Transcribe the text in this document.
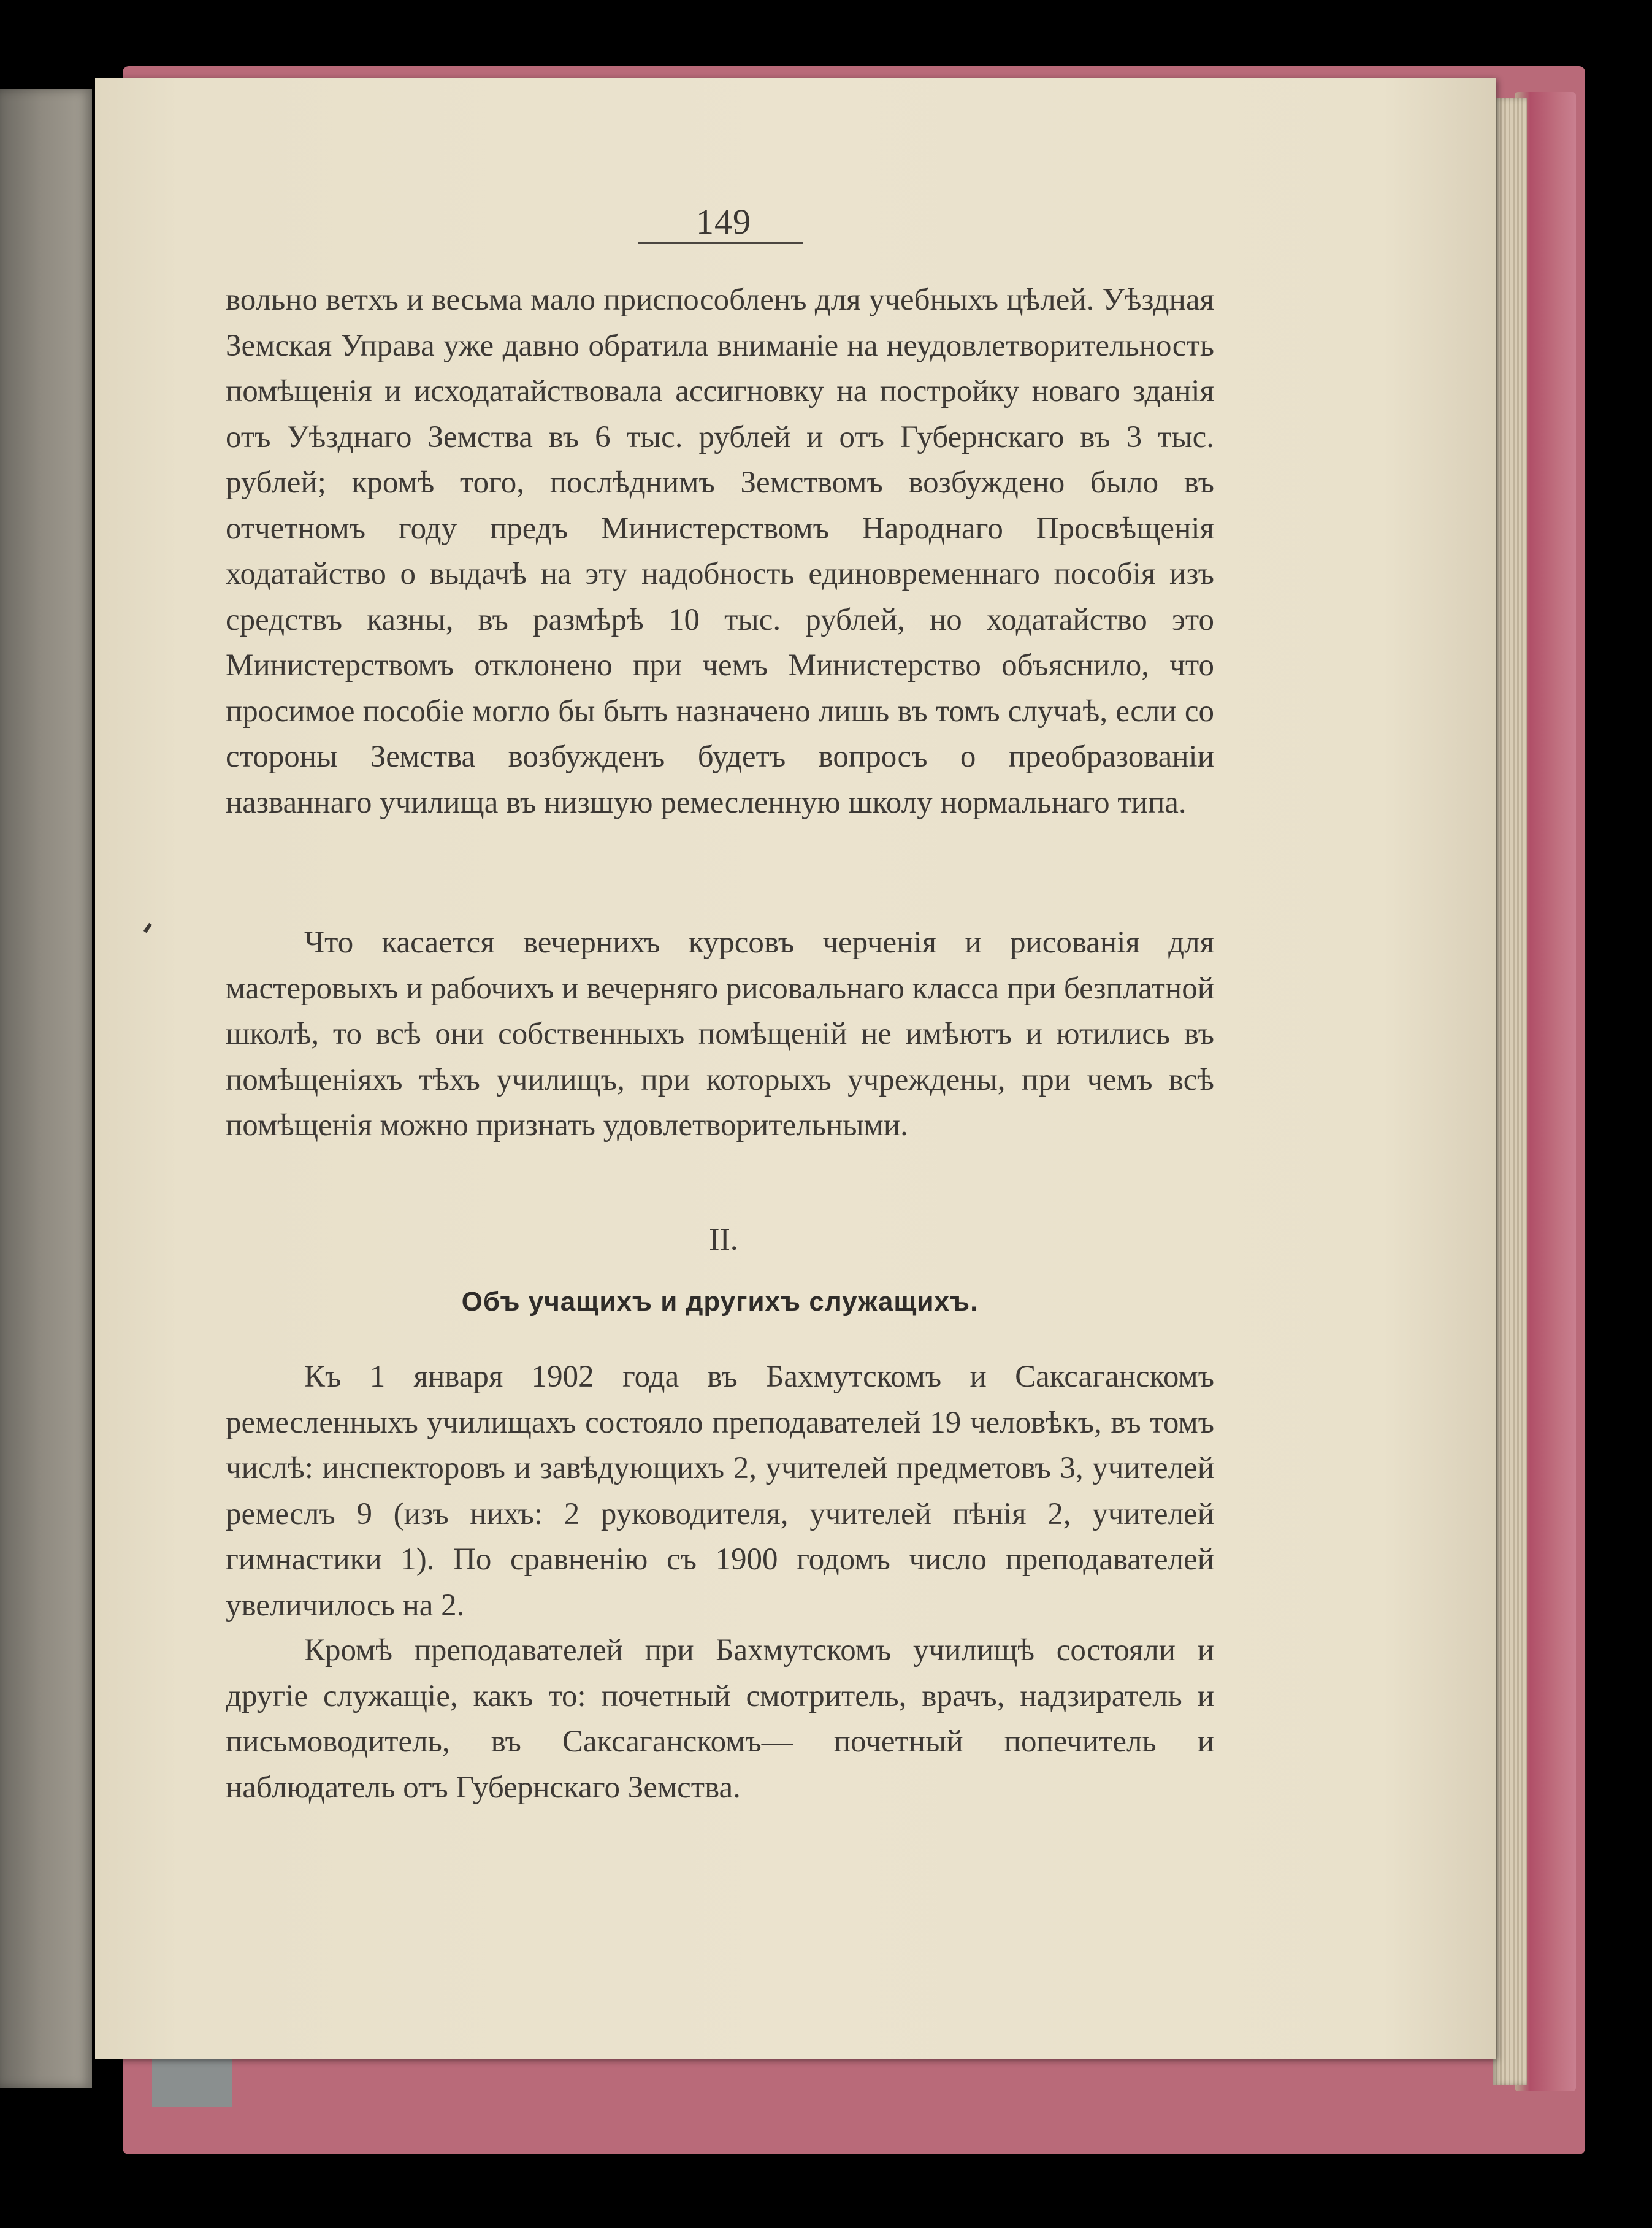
149

вольно ветхъ и весьма мало приспособленъ для учебныхъ цѣлей. Уѣздная Земская Управа уже давно обратила вниманіе на неудовлетворительность помѣщенія и исходатайствовала ассигновку на постройку новаго зданія отъ Уѣзднаго Земства въ 6 тыс. рублей и отъ Губернскаго въ 3 тыс. рублей; кромѣ того, послѣднимъ Земствомъ возбуждено было въ отчетномъ году предъ Министерствомъ Народнаго Просвѣщенія ходатайство о выдачѣ на эту надобность единовременнаго пособія изъ средствъ казны, въ размѣрѣ 10 тыс. рублей, но ходатайство это Министерствомъ отклонено при чемъ Министерство объяснило, что просимое пособіе могло бы быть назначено лишь въ томъ случаѣ, если со стороны Земства возбужденъ будетъ вопросъ о преобразованіи названнаго училища въ низшую ремесленную школу нормальнаго типа.

Что касается вечернихъ курсовъ черченія и рисованія для мастеровыхъ и рабочихъ и вечерняго рисовальнаго класса при безплатной школѣ, то всѣ они собственныхъ помѣщеній не имѣютъ и ютились въ помѣщеніяхъ тѣхъ училищъ, при которыхъ учреждены, при чемъ всѣ помѣщенія можно признать удовлетворительными.

II.
Объ учащихъ и другихъ служащихъ.

Къ 1 января 1902 года въ Бахмутскомъ и Саксаганскомъ ремесленныхъ училищахъ состояло преподавателей 19 человѣкъ, въ томъ числѣ: инспекторовъ и завѣдующихъ 2, учителей предметовъ 3, учителей ремеслъ 9 (изъ нихъ: 2 руководителя, учителей пѣнія 2, учителей гимнастики 1). По сравненію съ 1900 годомъ число преподавателей увеличилось на 2.

Кромѣ преподавателей при Бахмутскомъ училищѣ состояли и другіе служащіе, какъ то: почетный смотритель, врачъ, надзиратель и письмоводитель, въ Саксаганскомъ— почетный попечитель и наблюдатель отъ Губернскаго Земства.
